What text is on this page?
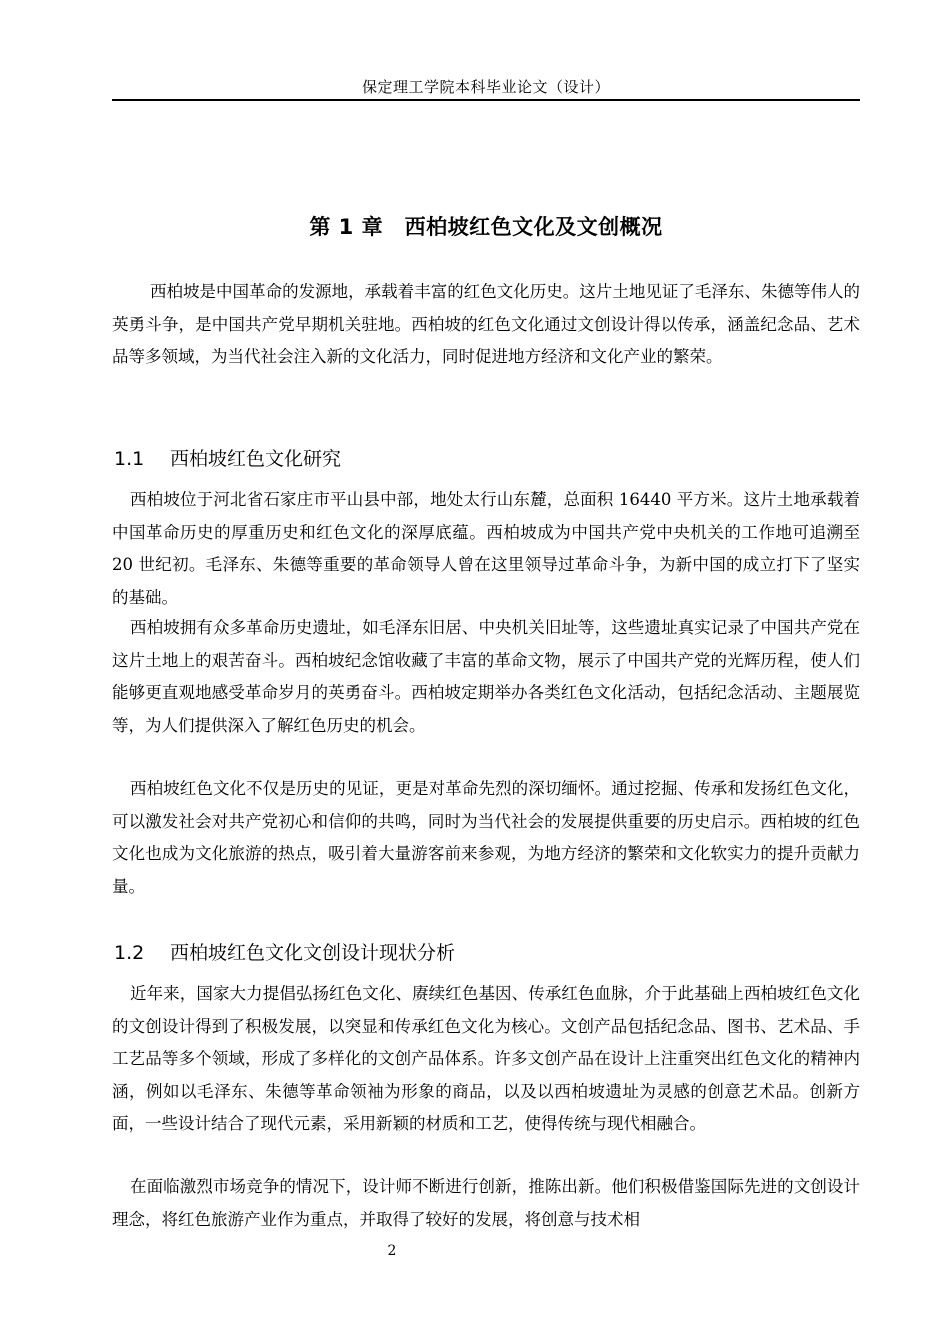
保定理工学院本科毕业论文（设计）
第 1 章　西柏坡红色文化及文创概况

西柏坡是中国革命的发源地，承载着丰富的红色文化历史。这片土地见证了毛泽东、朱德等伟人的英勇斗争，是中国共产党早期机关驻地。西柏坡的红色文化通过文创设计得以传承，涵盖纪念品、艺术品等多领域，为当代社会注入新的文化活力，同时促进地方经济和文化产业的繁荣。

1.1 西柏坡红色文化研究

西柏坡位于河北省石家庄市平山县中部，地处太行山东麓，总面积 16440 平方米。这片土地承载着中国革命历史的厚重历史和红色文化的深厚底蕴。西柏坡成为中国共产党中央机关的工作地可追溯至 20 世纪初。毛泽东、朱德等重要的革命领导人曾在这里领导过革命斗争，为新中国的成立打下了坚实的基础。

西柏坡拥有众多革命历史遗址，如毛泽东旧居、中央机关旧址等，这些遗址真实记录了中国共产党在这片土地上的艰苦奋斗。西柏坡纪念馆收藏了丰富的革命文物，展示了中国共产党的光辉历程，使人们能够更直观地感受革命岁月的英勇奋斗。西柏坡定期举办各类红色文化活动，包括纪念活动、主题展览等，为人们提供深入了解红色历史的机会。

西柏坡红色文化不仅是历史的见证，更是对革命先烈的深切缅怀。通过挖掘、传承和发扬红色文化，可以激发社会对共产党初心和信仰的共鸣，同时为当代社会的发展提供重要的历史启示。西柏坡的红色文化也成为文化旅游的热点，吸引着大量游客前来参观，为地方经济的繁荣和文化软实力的提升贡献力量。

1.2 西柏坡红色文化文创设计现状分析

近年来，国家大力提倡弘扬红色文化、赓续红色基因、传承红色血脉，介于此基础上西柏坡红色文化的文创设计得到了积极发展，以突显和传承红色文化为核心。文创产品包括纪念品、图书、艺术品、手工艺品等多个领域，形成了多样化的文创产品体系。许多文创产品在设计上注重突出红色文化的精神内涵，例如以毛泽东、朱德等革命领袖为形象的商品，以及以西柏坡遗址为灵感的创意艺术品。创新方面，一些设计结合了现代元素，采用新颖的材质和工艺，使得传统与现代相融合。

在面临激烈市场竞争的情况下，设计师不断进行创新，推陈出新。他们积极借鉴国际先进的文创设计理念，将红色旅游产业作为重点，并取得了较好的发展，将创意与技术相

2
